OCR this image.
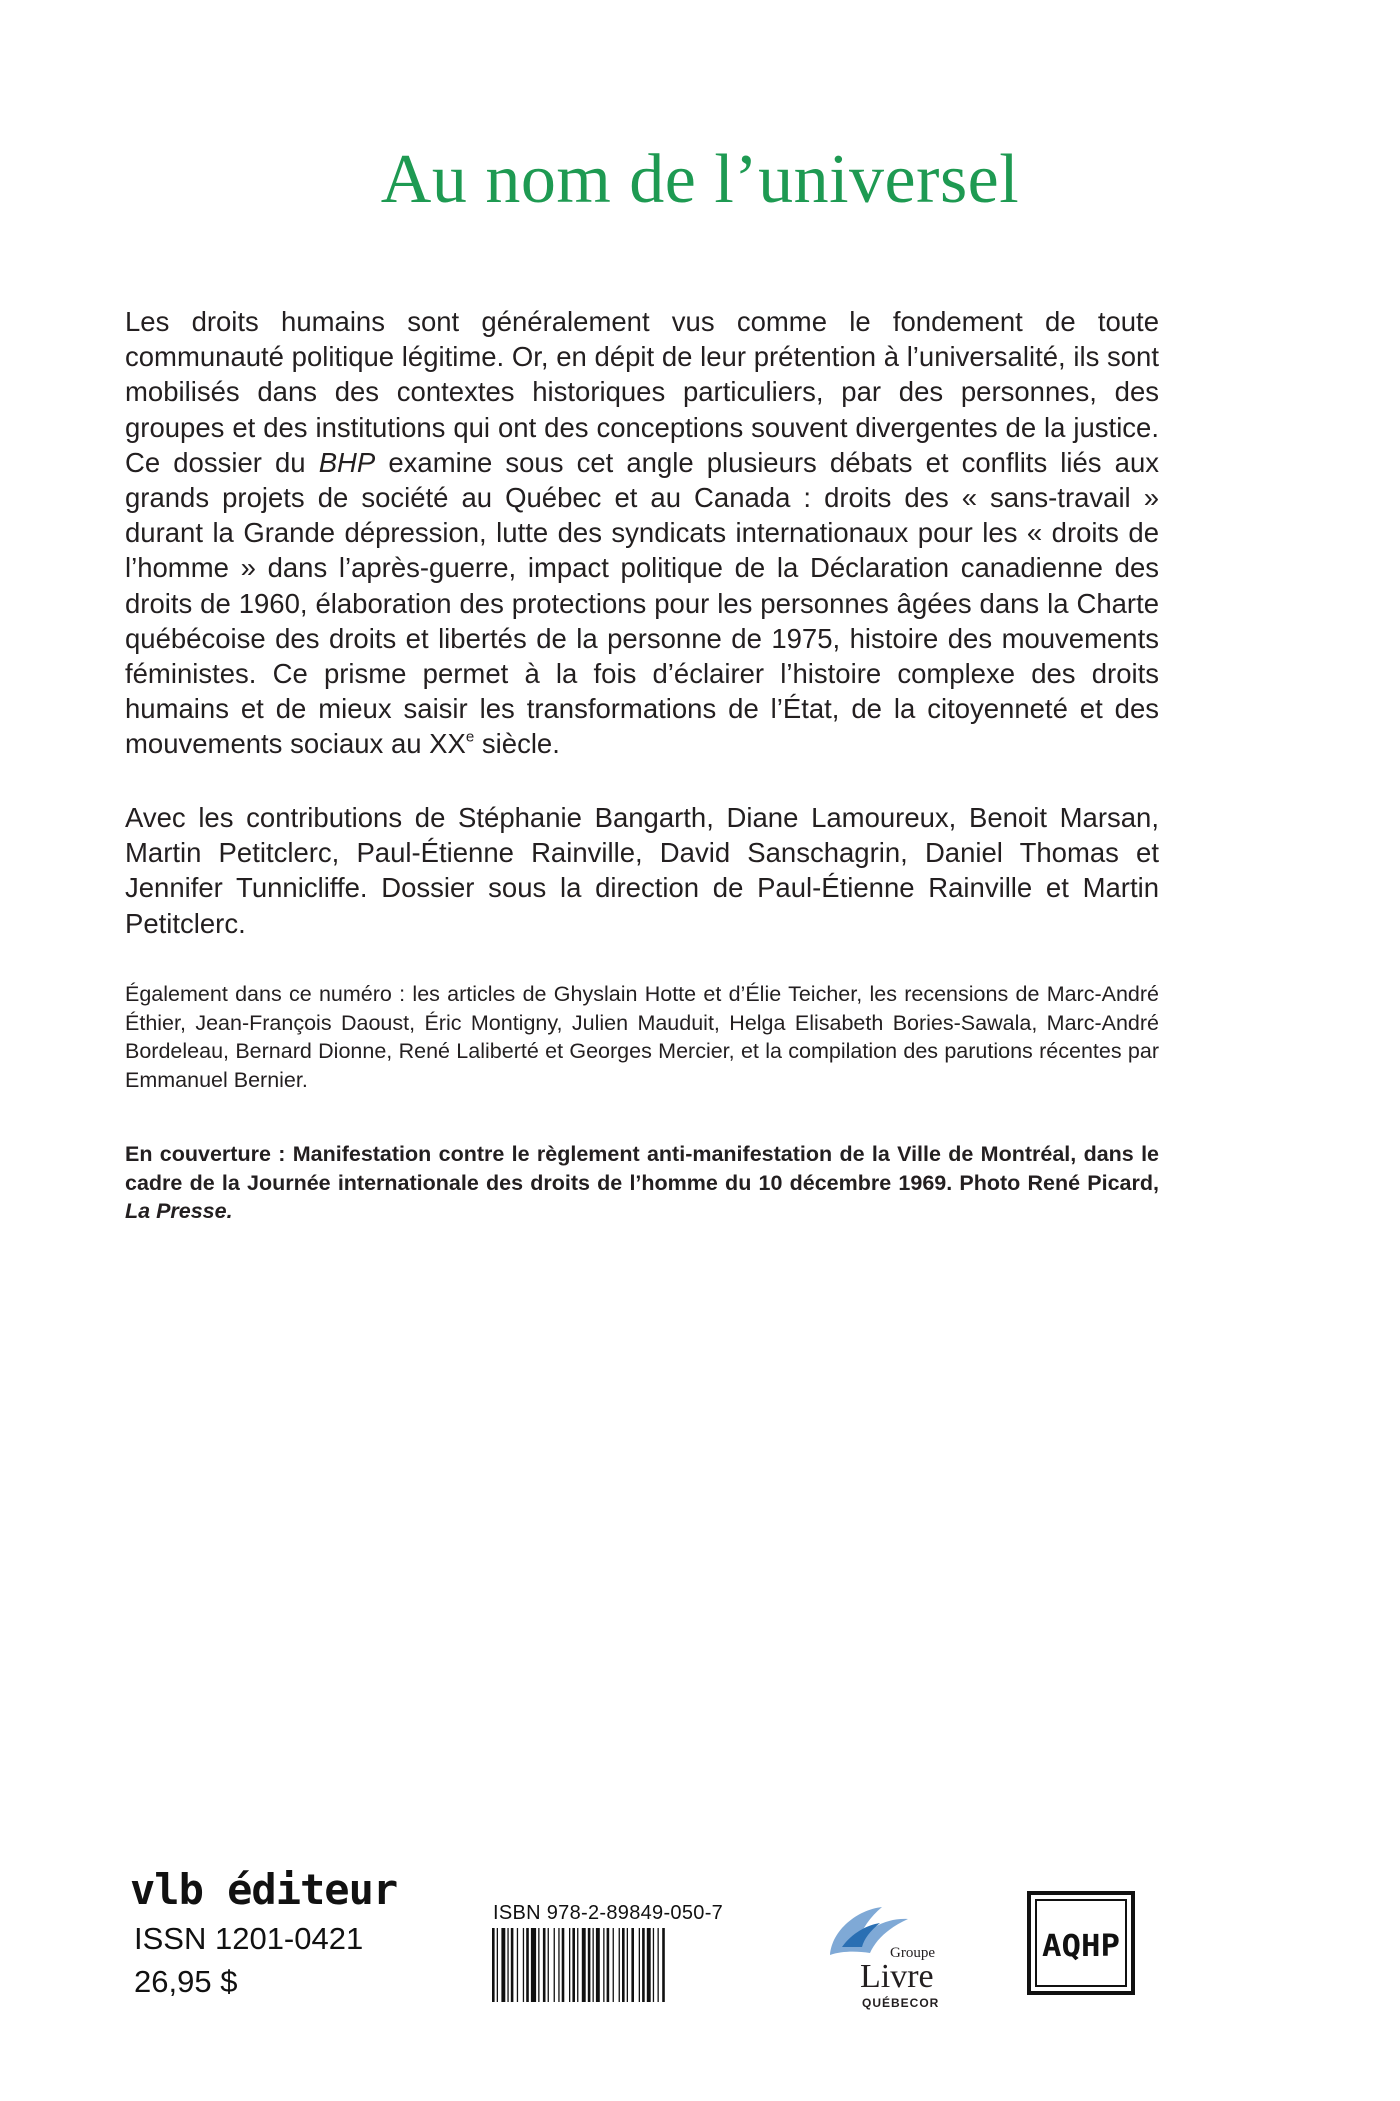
Au nom de l’universel

Les droits humains sont généralement vus comme le fondement de toute communauté politique légitime. Or, en dépit de leur prétention à l’universalité, ils sont mobilisés dans des contextes historiques particuliers, par des personnes, des groupes et des institutions qui ont des conceptions souvent divergentes de la justice. Ce dossier du BHP examine sous cet angle plusieurs débats et conflits liés aux grands projets de société au Québec et au Canada : droits des « sans-travail » durant la Grande dépression, lutte des syndicats internationaux pour les « droits de l’homme » dans l’après-guerre, impact politique de la Déclaration canadienne des droits de 1960, élaboration des protections pour les personnes âgées dans la Charte québécoise des droits et libertés de la personne de 1975, histoire des mouvements féministes. Ce prisme permet à la fois d’éclairer l’histoire complexe des droits humains et de mieux saisir les transformations de l’État, de la citoyenneté et des mouvements sociaux au XXe siècle.

Avec les contributions de Stéphanie Bangarth, Diane Lamoureux, Benoit Marsan, Martin Petitclerc, Paul-Étienne Rainville, David Sanschagrin, Daniel Thomas et Jennifer Tunnicliffe. Dossier sous la direction de Paul-Étienne Rainville et Martin Petitclerc.

Également dans ce numéro : les articles de Ghyslain Hotte et d’Élie Teicher, les recensions de Marc-André Éthier, Jean-François Daoust, Éric Montigny, Julien Mauduit, Helga Elisabeth Bories-Sawala, Marc-André Bordeleau, Bernard Dionne, René Laliberté et Georges Mercier, et la compilation des parutions récentes par Emmanuel Bernier.

En couverture : Manifestation contre le règlement anti-manifestation de la Ville de Montréal, dans le cadre de la Journée internationale des droits de l’homme du 10 décembre 1969. Photo René Picard, La Presse.

vlb éditeur
ISSN 1201-0421
26,95 $
ISBN 978-2-89849-050-7
Groupe
Livre
QUÉBECOR
AQHP
